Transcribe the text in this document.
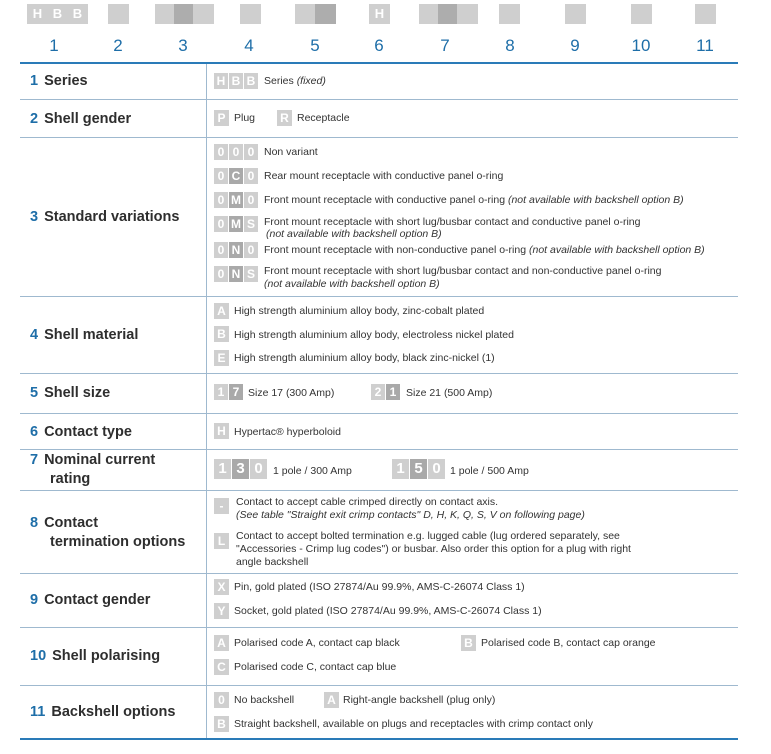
H B B	H
1	2	3	4	5	6	7	8	9	10	11
1 Series	H B B Series (fixed)
2 Shell gender	P Plug R Receptacle
3 Standard variations
0 0 0 Non variant
0 C 0 Rear mount receptacle with conductive panel o-ring
0 M 0 Front mount receptacle with conductive panel o-ring (not available with backshell option B)
0 M S Front mount receptacle with short lug/busbar contact and conductive panel o-ring
(not available with backshell option B)
0 N 0 Front mount receptacle with non-conductive panel o-ring (not available with backshell option B)
0 N S Front mount receptacle with short lug/busbar contact and non-conductive panel o-ring
(not available with backshell option B)
4 Shell material
A High strength aluminium alloy body, zinc-cobalt plated
B High strength aluminium alloy body, electroless nickel plated
E High strength aluminium alloy body, black zinc-nickel (1)
5 Shell size	1 7 Size 17 (300 Amp)	2 1 Size 21 (500 Amp)
6 Contact type	H Hypertac® hyperboloid
7 Nominal current
rating
1 3 0 1 pole / 300 Amp	1 5 0 1 pole / 500 Amp
8 Contact
termination options
-	Contact to accept cable crimped directly on contact axis.
(See table "Straight exit crimp contacts" D, H, K, Q, S, V on following page)
L	Contact to accept bolted termination e.g. lugged cable (lug ordered separately, see
"Accessories - Crimp lug codes") or busbar. Also order this option for a plug with right
angle backshell
9 Contact gender
X Pin, gold plated (ISO 27874/Au 99.9%, AMS-C-26074 Class 1)
Y Socket, gold plated (ISO 27874/Au 99.9%, AMS-C-26074 Class 1)
10 Shell polarising
A Polarised code A, contact cap black	B Polarised code B, contact cap orange
C Polarised code C, contact cap blue
11 Backshell options
0 No backshell	A Right-angle backshell (plug only)
B Straight backshell, available on plugs and receptacles with crimp contact only
